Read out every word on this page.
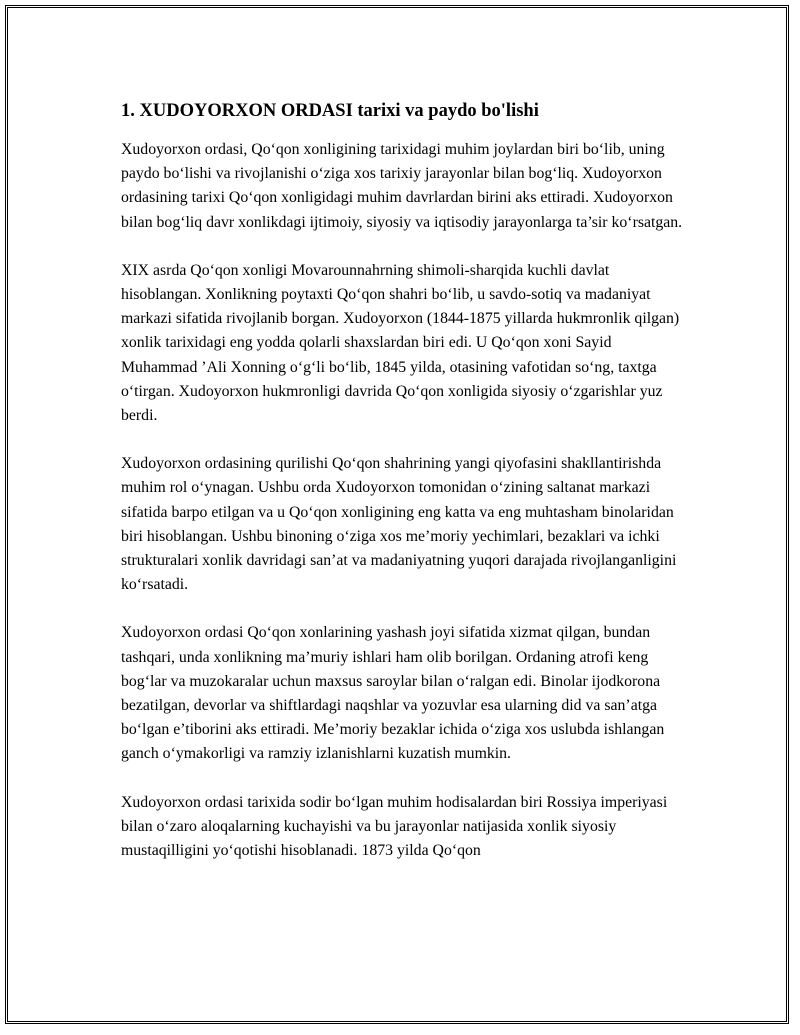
1. XUDOYORXON ORDASI tarixi va paydo bo'lishi

Xudoyorxon ordasi, Qo‘qon xonligining tarixidagi muhim joylardan biri bo‘lib, uning paydo bo‘lishi va rivojlanishi o‘ziga xos tarixiy jarayonlar bilan bog‘liq. Xudoyorxon ordasining tarixi Qo‘qon xonligidagi muhim davrlardan birini aks ettiradi. Xudoyorxon bilan bog‘liq davr xonlikdagi ijtimoiy, siyosiy va iqtisodiy jarayonlarga ta’sir ko‘rsatgan.

XIX asrda Qo‘qon xonligi Movarounnahrning shimoli-sharqida kuchli davlat hisoblangan. Xonlikning poytaxti Qo‘qon shahri bo‘lib, u savdo-sotiq va madaniyat markazi sifatida rivojlanib borgan. Xudoyorxon (1844-1875 yillarda hukmronlik qilgan) xonlik tarixidagi eng yodda qolarli shaxslardan biri edi. U Qo‘qon xoni Sayid Muhammad ’Ali Xonning o‘g‘li bo‘lib, 1845 yilda, otasining vafotidan so‘ng, taxtga o‘tirgan. Xudoyorxon hukmronligi davrida Qo‘qon xonligida siyosiy o‘zgarishlar yuz berdi.

Xudoyorxon ordasining qurilishi Qo‘qon shahrining yangi qiyofasini shakllantirishda muhim rol o‘ynagan. Ushbu orda Xudoyorxon tomonidan o‘zining saltanat markazi sifatida barpo etilgan va u Qo‘qon xonligining eng katta va eng muhtasham binolaridan biri hisoblangan. Ushbu binoning o‘ziga xos me’moriy yechimlari, bezaklari va ichki strukturalari xonlik davridagi san’at va madaniyatning yuqori darajada rivojlanganligini ko‘rsatadi.

Xudoyorxon ordasi Qo‘qon xonlarining yashash joyi sifatida xizmat qilgan, bundan tashqari, unda xonlikning ma’muriy ishlari ham olib borilgan. Ordaning atrofi keng bog‘lar va muzokaralar uchun maxsus saroylar bilan o‘ralgan edi. Binolar ijodkorona bezatilgan, devorlar va shiftlardagi naqshlar va yozuvlar esa ularning did va san’atga bo‘lgan e’tiborini aks ettiradi. Me’moriy bezaklar ichida o‘ziga xos uslubda ishlangan ganch o‘ymakorligi va ramziy izlanishlarni kuzatish mumkin.

Xudoyorxon ordasi tarixida sodir bo‘lgan muhim hodisalardan biri Rossiya imperiyasi bilan o‘zaro aloqalarning kuchayishi va bu jarayonlar natijasida xonlik siyosiy mustaqilligini yo‘qotishi hisoblanadi. 1873 yilda Qo‘qon
